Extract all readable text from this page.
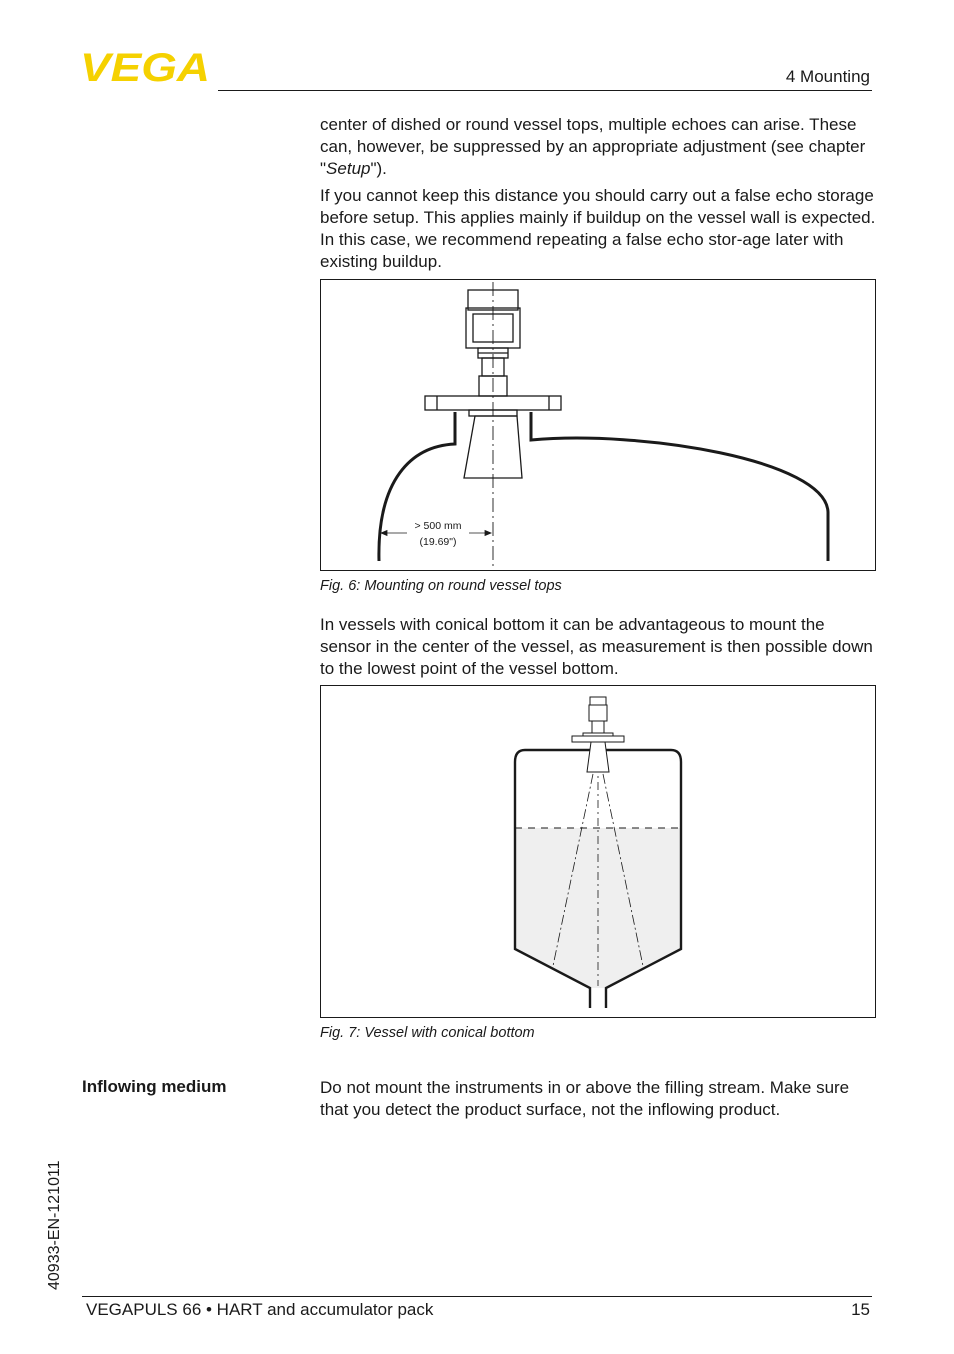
VEGA	4 Mounting

center of dished or round vessel tops, multiple echoes can arise. These can, however, be suppressed by an appropriate adjustment (see chapter "Setup").

If you cannot keep this distance you should carry out a false echo storage before setup. This applies mainly if buildup on the vessel wall is expected. In this case, we recommend repeating a false echo stor-age later with existing buildup.

> 500 mm
(19.69")
Fig. 6: Mounting on round vessel tops

In vessels with conical bottom it can be advantageous to mount the sensor in the center of the vessel, as measurement is then possible down to the lowest point of the vessel bottom.

Fig. 7: Vessel with conical bottom
Inflowing medium	Do not mount the instruments in or above the filling stream. Make sure that you detect the product surface, not the inflowing product.

40933-EN-121011
VEGAPULS 66 • HART and accumulator pack	15
